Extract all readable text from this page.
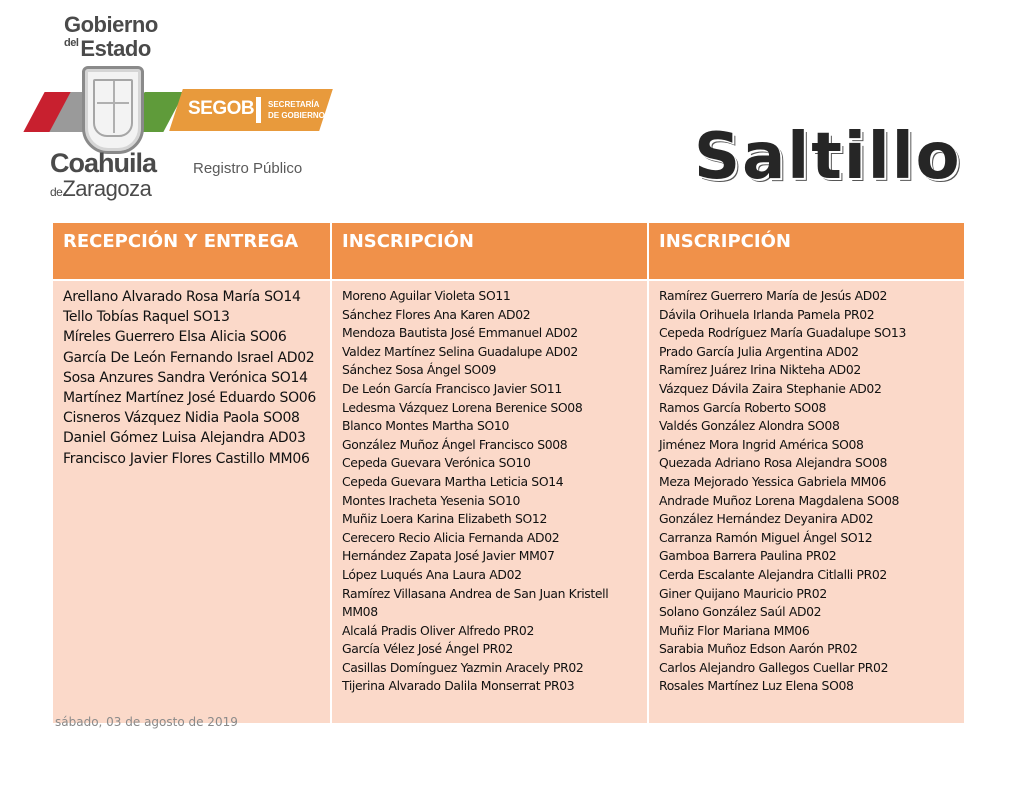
Gobierno
$^{del}$Estado
SEGOB SECRETARÍA
DE GOBIERNO
Coahuila
deZaragoza
Registro Público	Saltillo
RECEPCIÓN Y ENTREGA
Arellano Alvarado Rosa María SO14
Tello Tobías Raquel SO13
Míreles Guerrero Elsa Alicia SO06
García De León Fernando Israel AD02
Sosa Anzures Sandra Verónica SO14
Martínez Martínez José Eduardo SO06
Cisneros Vázquez Nidia Paola SO08
Daniel Gómez Luisa Alejandra AD03
Francisco Javier Flores Castillo MM06
sábado, 03 de agosto de 2019
INSCRIPCIÓN
Moreno Aguilar Violeta SO11
Sánchez Flores Ana Karen AD02
Mendoza Bautista José Emmanuel AD02
Valdez Martínez Selina Guadalupe AD02
Sánchez Sosa Ángel SO09
De León García Francisco Javier SO11
Ledesma Vázquez Lorena Berenice SO08
Blanco Montes Martha SO10
González Muñoz Ángel Francisco S008
Cepeda Guevara Verónica SO10
Cepeda Guevara Martha Leticia SO14
Montes Iracheta Yesenia SO10
Muñiz Loera Karina Elizabeth SO12
Cerecero Recio Alicia Fernanda AD02
Hernández Zapata José Javier MM07
López Luqués Ana Laura AD02
Ramírez Villasana Andrea de San Juan Kristell MM08
Alcalá Pradis Oliver Alfredo PR02
García Vélez José Ángel PR02
Casillas Domínguez Yazmin Aracely PR02
Tijerina Alvarado Dalila Monserrat PR03
INSCRIPCIÓN
Ramírez Guerrero María de Jesús AD02
Dávila Orihuela Irlanda Pamela PR02
Cepeda Rodríguez María Guadalupe SO13
Prado García Julia Argentina AD02
Ramírez Juárez Irina Nikteha AD02
Vázquez Dávila Zaira Stephanie AD02
Ramos García Roberto SO08
Valdés González Alondra SO08
Jiménez Mora Ingrid América SO08
Quezada Adriano Rosa Alejandra SO08
Meza Mejorado Yessica Gabriela MM06
Andrade Muñoz Lorena Magdalena SO08
González Hernández Deyanira AD02
Carranza Ramón Miguel Ángel SO12
Gamboa Barrera Paulina PR02
Cerda Escalante Alejandra Citlalli PR02
Giner Quijano Mauricio PR02
Solano González Saúl AD02
Muñiz Flor Mariana MM06
Sarabia Muñoz Edson Aarón PR02
Carlos Alejandro Gallegos Cuellar PR02
Rosales Martínez Luz Elena SO08
